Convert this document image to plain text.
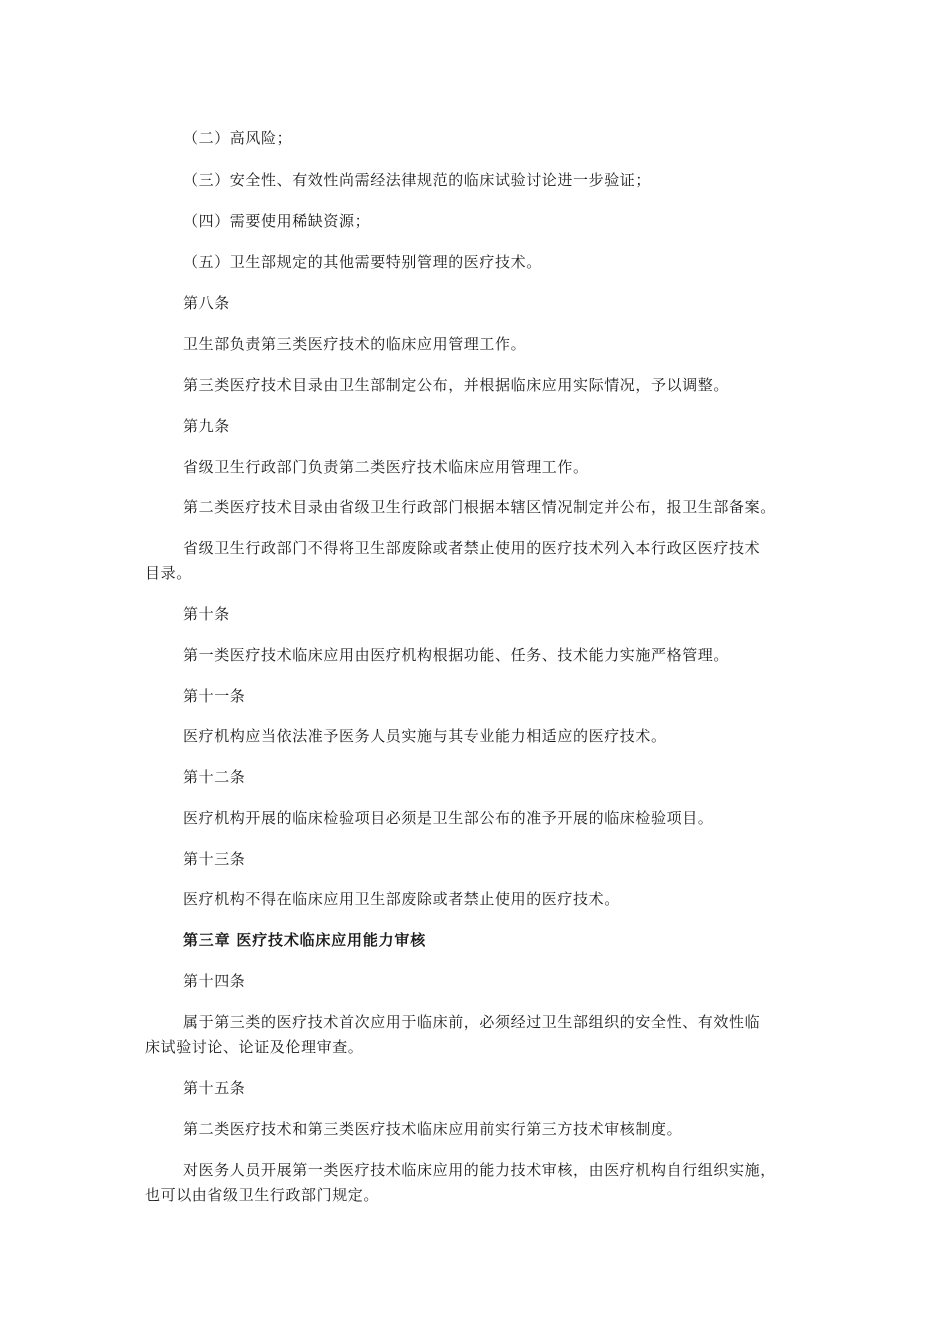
（二）高风险；
（三）安全性、有效性尚需经法律规范的临床试验讨论进一步验证；
（四）需要使用稀缺资源；
（五）卫生部规定的其他需要特别管理的医疗技术。
第八条
卫生部负责第三类医疗技术的临床应用管理工作。
第三类医疗技术目录由卫生部制定公布，并根据临床应用实际情况，予以调整。
第九条
省级卫生行政部门负责第二类医疗技术临床应用管理工作。
第二类医疗技术目录由省级卫生行政部门根据本辖区情况制定并公布，报卫生部备案。
省级卫生行政部门不得将卫生部废除或者禁止使用的医疗技术列入本行政区医疗技术
目录。
第十条
第一类医疗技术临床应用由医疗机构根据功能、任务、技术能力实施严格管理。
第十一条
医疗机构应当依法准予医务人员实施与其专业能力相适应的医疗技术。
第十二条
医疗机构开展的临床检验项目必须是卫生部公布的准予开展的临床检验项目。
第十三条
医疗机构不得在临床应用卫生部废除或者禁止使用的医疗技术。
第三章 医疗技术临床应用能力审核
第十四条
属于第三类的医疗技术首次应用于临床前，必须经过卫生部组织的安全性、有效性临
床试验讨论、论证及伦理审查。
第十五条
第二类医疗技术和第三类医疗技术临床应用前实行第三方技术审核制度。
对医务人员开展第一类医疗技术临床应用的能力技术审核，由医疗机构自行组织实施，
也可以由省级卫生行政部门规定。
